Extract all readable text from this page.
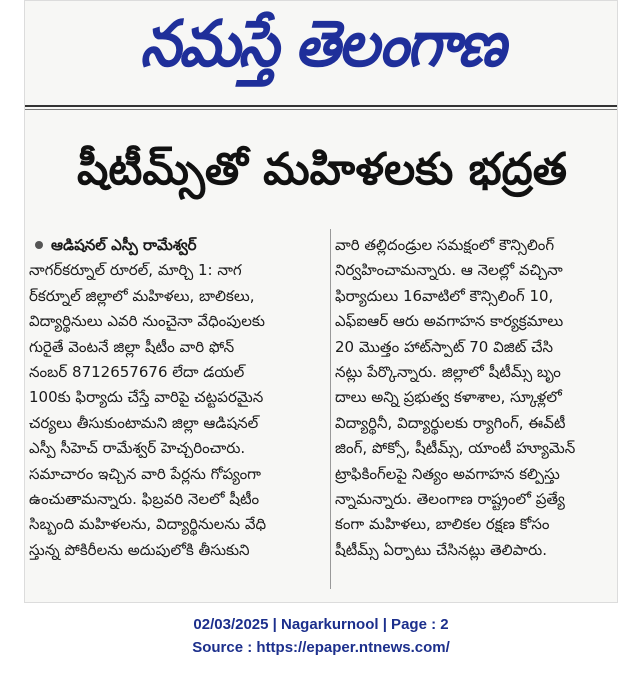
నమస్తే తెలంగాణ
షీటీమ్స్‌తో మహిళలకు భద్రత
ఆడిషనల్ ఎస్పీ రామేశ్వర్
నాగర్‌కర్నూల్ రూరల్, మార్చి 1: నాగ
ర్‌కర్నూల్ జిల్లాలో మహిళలు, బాలికలు,
విద్యార్థినులు ఎవరి నుంచైనా వేధింపులకు
గురైతే వెంటనే జిల్లా షీటీం వారి ఫోన్
నంబర్ 8712657676 లేదా డయల్
100కు ఫిర్యాదు చేస్తే వారిపై చట్టపరమైన
చర్యలు తీసుకుంటామని జిల్లా ఆడిషనల్
ఎస్పీ సీహెచ్ రామేశ్వర్ హెచ్చరించారు.
సమాచారం ఇచ్చిన వారి పేర్లను గోప్యంగా
ఉంచుతామన్నారు. ఫిబ్రవరి నెలలో షీటీం
సిబ్బంది మహిళలను, విద్యార్థినులను వేధి
స్తున్న పోకిరీలను అదుపులోకి తీసుకుని
వారి తల్లిదండ్రుల సమక్షంలో కౌన్సిలింగ్
నిర్వహించామన్నారు. ఆ నెలల్లో వచ్చినా
ఫిర్యాదులు 16వాటిలో కౌన్సిలింగ్ 10,
ఎఫ్ఐఆర్ ఆరు అవగాహన కార్యక్రమాలు
20 మొత్తం హాట్‌స్పాట్ 70 విజిట్ చేసి
నట్లు పేర్కొన్నారు. జిల్లాలో షీటీమ్స్ బృం
దాలు అన్ని ప్రభుత్వ కళాశాల, స్కూళ్లలో
విద్యార్థినీ, విద్యార్థులకు ర్యాగింగ్, ఈవ్‌టీ
జింగ్, పోక్సో, షీటీమ్స్, యాంటీ హ్యూమెన్
ట్రాఫికింగ్‌లపై నిత్యం అవగాహన కల్పిస్తు
న్నామన్నారు. తెలంగాణ రాష్ట్రంలో ప్రత్యే
కంగా మహిళలు, బాలికల రక్షణ కోసం
షీటీమ్స్ ఏర్పాటు చేసినట్లు తెలిపారు.
02/03/2025 | Nagarkurnool | Page : 2
Source : https://epaper.ntnews.com/
